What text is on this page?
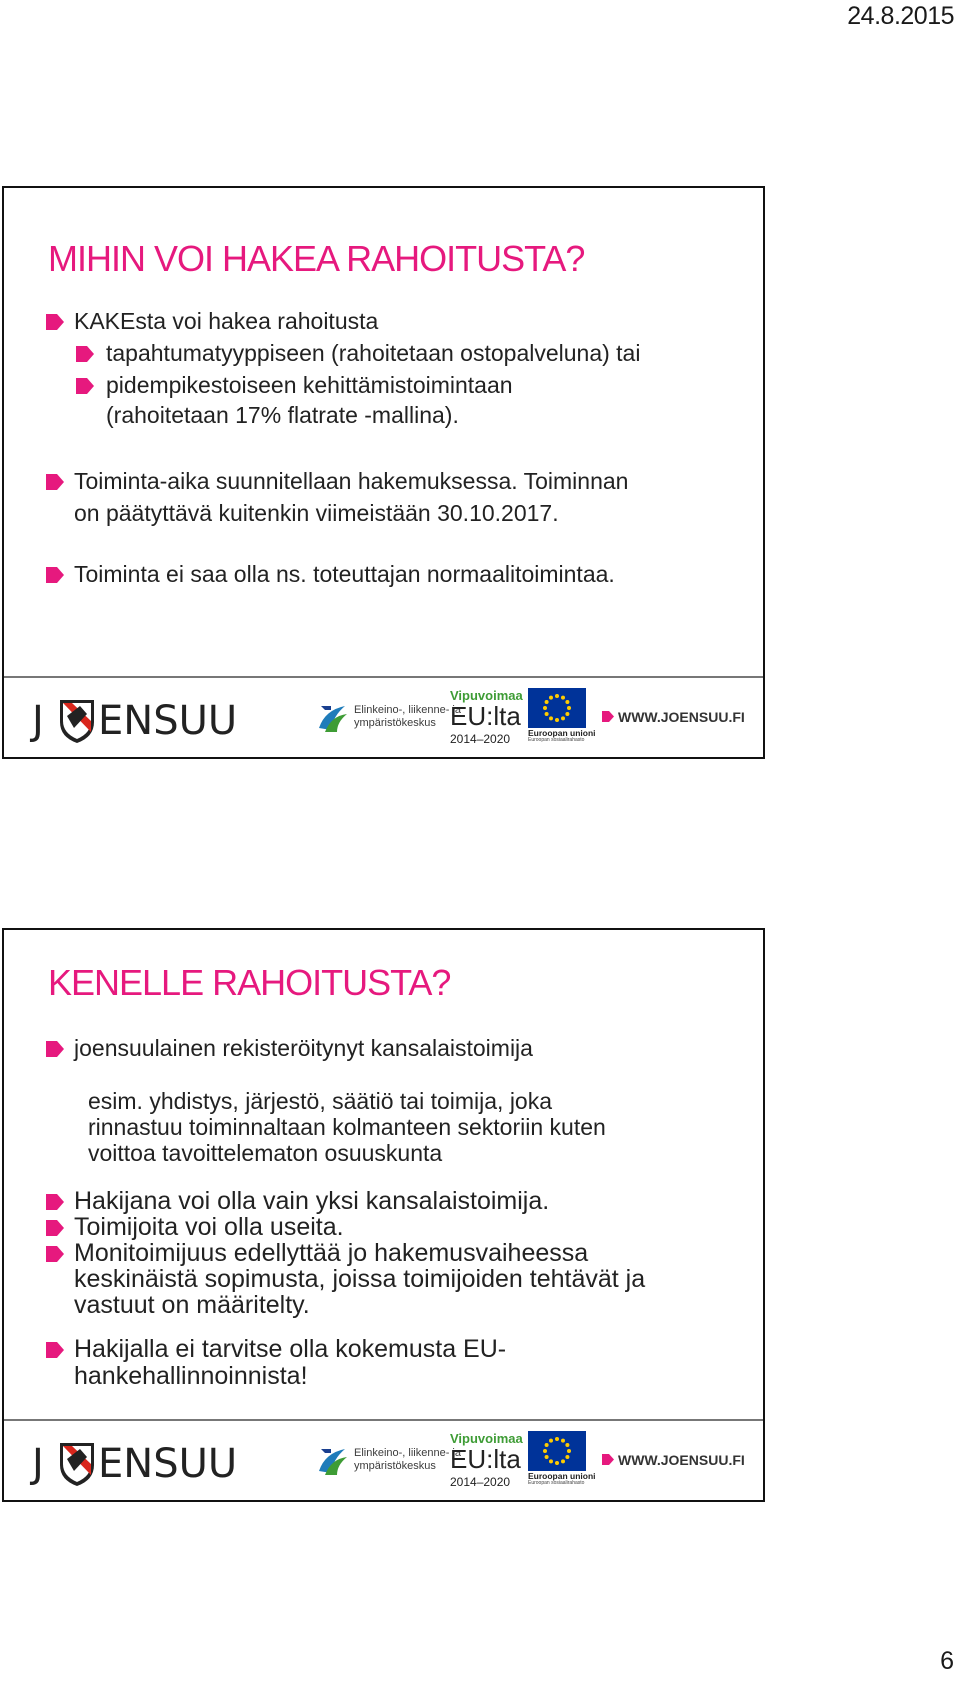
24.8.2015
MIHIN VOI HAKEA RAHOITUSTA?
KAKEsta voi hakea rahoitusta
tapahtumatyyppiseen (rahoitetaan ostopalveluna) tai
pidempikestoiseen kehittämistoimintaan
(rahoitetaan 17% flatrate -mallina).
Toiminta-aika suunnitellaan hakemuksessa. Toiminnan
on päätyttävä kuitenkin viimeistään 30.10.2017.
Toiminta ei saa olla ns. toteuttajan normaalitoimintaa.
J ENSUU	Elinkeino-, liikenne- ja
ympäristökeskus
Vipuvoimaa
EU:lta
2014–2020 Euroopan unioni
Euroopan sosiaalirahasto
WWW.JOENSUU.FI
KENELLE RAHOITUSTA?
joensuulainen rekisteröitynyt kansalaistoimija
esim. yhdistys, järjestö, säätiö tai toimija, joka
rinnastuu toiminnaltaan kolmanteen sektoriin kuten
voittoa tavoittelematon osuuskunta
Hakijana voi olla vain yksi kansalaistoimija.
Toimijoita voi olla useita.
Monitoimijuus edellyttää jo hakemusvaiheessa
keskinäistä sopimusta, joissa toimijoiden tehtävät ja
vastuut on määritelty.
Hakijalla ei tarvitse olla kokemusta EU-
hankehallinnoinnista!
J ENSUU	Elinkeino-, liikenne- ja
ympäristökeskus
Vipuvoimaa
EU:lta
2014–2020 Euroopan unioni
Euroopan sosiaalirahasto
WWW.JOENSUU.FI
6
